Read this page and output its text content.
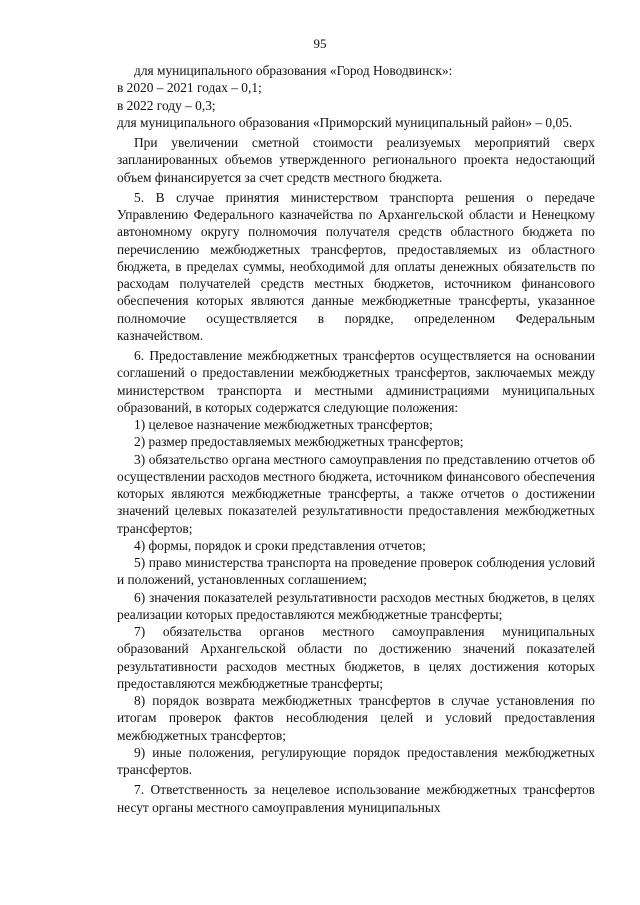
95

для муниципального образования «Город Новодвинск»:

в 2020 – 2021 годах – 0,1;

в 2022 году – 0,3;

для муниципального образования «Приморский муниципальный район» – 0,05.

При увеличении сметной стоимости реализуемых мероприятий сверх запланированных объемов утвержденного регионального проекта недостающий объем финансируется за счет средств местного бюджета.

5. В случае принятия министерством транспорта решения о передаче Управлению Федерального казначейства по Архангельской области и Ненецкому автономному округу полномочия получателя средств областного бюджета по перечислению межбюджетных трансфертов, предоставляемых из областного бюджета, в пределах суммы, необходимой для оплаты денежных обязательств по расходам получателей средств местных бюджетов, источником финансового обеспечения которых являются данные межбюджетные трансферты, указанное полномочие осуществляется в порядке, определенном Федеральным казначейством.

6. Предоставление межбюджетных трансфертов осуществляется на основании соглашений о предоставлении межбюджетных трансфертов, заключаемых между министерством транспорта и местными администрациями муниципальных образований, в которых содержатся следующие положения:

1) целевое назначение межбюджетных трансфертов;

2) размер предоставляемых межбюджетных трансфертов;

3) обязательство органа местного самоуправления по представлению отчетов об осуществлении расходов местного бюджета, источником финансового обеспечения которых являются межбюджетные трансферты, а также отчетов о достижении значений целевых показателей результативности предоставления межбюджетных трансфертов;

4) формы, порядок и сроки представления отчетов;

5) право министерства транспорта на проведение проверок соблюдения условий и положений, установленных соглашением;

6) значения показателей результативности расходов местных бюджетов, в целях реализации которых предоставляются межбюджетные трансферты;

7) обязательства органов местного самоуправления муниципальных образований Архангельской области по достижению значений показателей результативности расходов местных бюджетов, в целях достижения которых предоставляются межбюджетные трансферты;

8) порядок возврата межбюджетных трансфертов в случае установления по итогам проверок фактов несоблюдения целей и условий предоставления межбюджетных трансфертов;

9) иные положения, регулирующие порядок предоставления межбюджетных трансфертов.

7. Ответственность за нецелевое использование межбюджетных трансфертов несут органы местного самоуправления муниципальных
